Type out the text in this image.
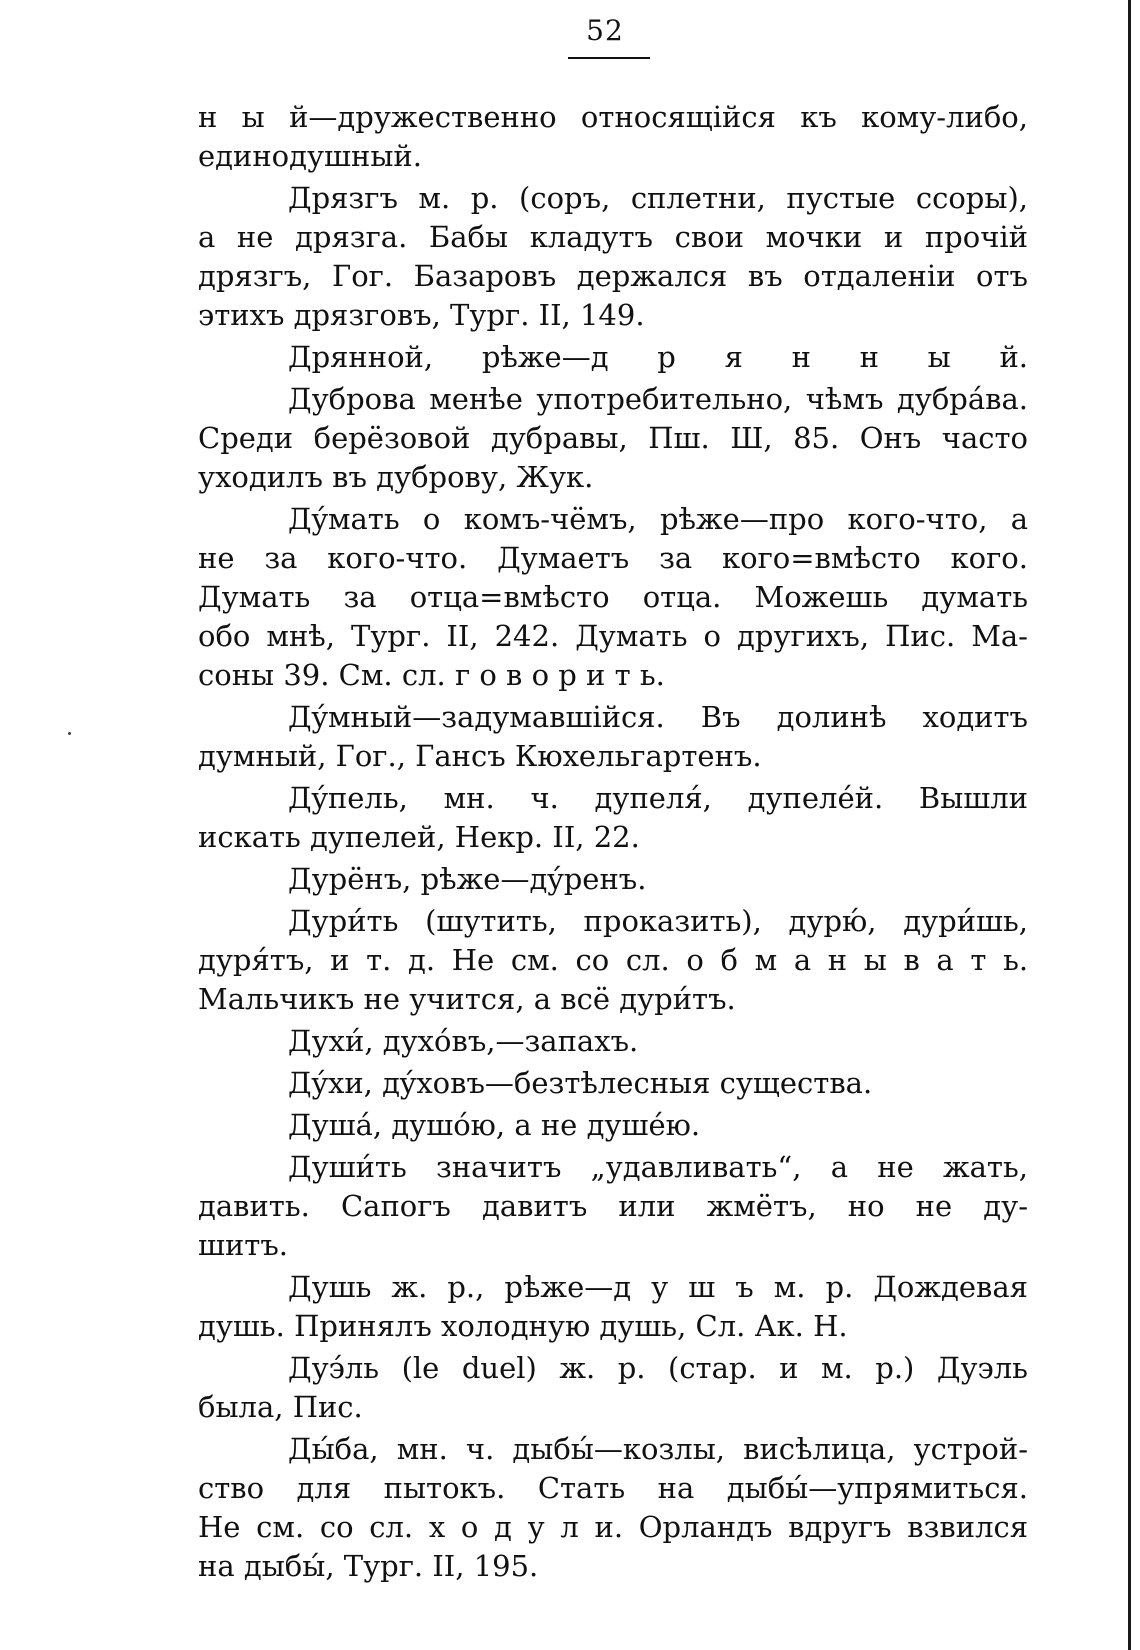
52
н ы й—дружественно относящійся къ кому-либо,
единодушный.
Дрязгъ м. р. (соръ, сплетни, пустые ссоры),
а не дрязга. Бабы кладутъ свои мочки и прочій
дрязгъ, Гог. Базаровъ держался въ отдаленіи отъ
этихъ дрязговъ, Тург. II, 149.
Дрянной, рѣже—д р я н н ы й.
Дуброва менѣе употребительно, чѣмъ дубрáва.
Среди берёзовой дубравы, Пш. Ш, 85. Онъ часто
уходилъ въ дуброву, Жук.
Дýмать о комъ-чёмъ, рѣже—про кого-что, а
не за кого-что. Думаетъ за кого=вмѣсто кого.
Думать за отца=вмѣсто отца. Можешь думать
обо мнѣ, Тург. II, 242. Думать о другихъ, Пис. Ма-
соны 39. См. сл. г о в о р и т ь.
Дýмный—задумавшійся. Въ долинѣ ходитъ
думный, Гог., Гансъ Кюхельгартенъ.
Дýпель, мн. ч. дупеля́, дупелéй. Вышли
искать дупелей, Некр. II, 22.
Дурёнъ, рѣже—дýренъ.
Дури́ть (шутить, проказить), дурю́, дури́шь,
дуря́тъ, и т. д. Не см. со сл. о б м а н ы в а т ь.
Мальчикъ не учится, а всё дури́тъ.
Духи́, духóвъ,—запахъ.
Дýхи, дýховъ—безтѣлесныя существа.
Душá, душóю, а не душéю.
Души́ть значитъ „удавливать“, а не жать,
давить. Сапогъ давитъ или жмётъ, но не ду-
шитъ.
Душь ж. р., рѣже—д у ш ъ м. р. Дождевая
душь. Принялъ холодную душь, Сл. Ак. Н.
Дуэ́ль (le duel) ж. р. (стар. и м. р.) Дуэль
была, Пис.
Ды́ба, мн. ч. дыбы́—козлы, висѣлица, устрой-
ство для пытокъ. Стать на дыбы́—упрямиться.
Не см. со сл. х о д у л и. Орландъ вдругъ взвился
на дыбы́, Тург. II, 195.
